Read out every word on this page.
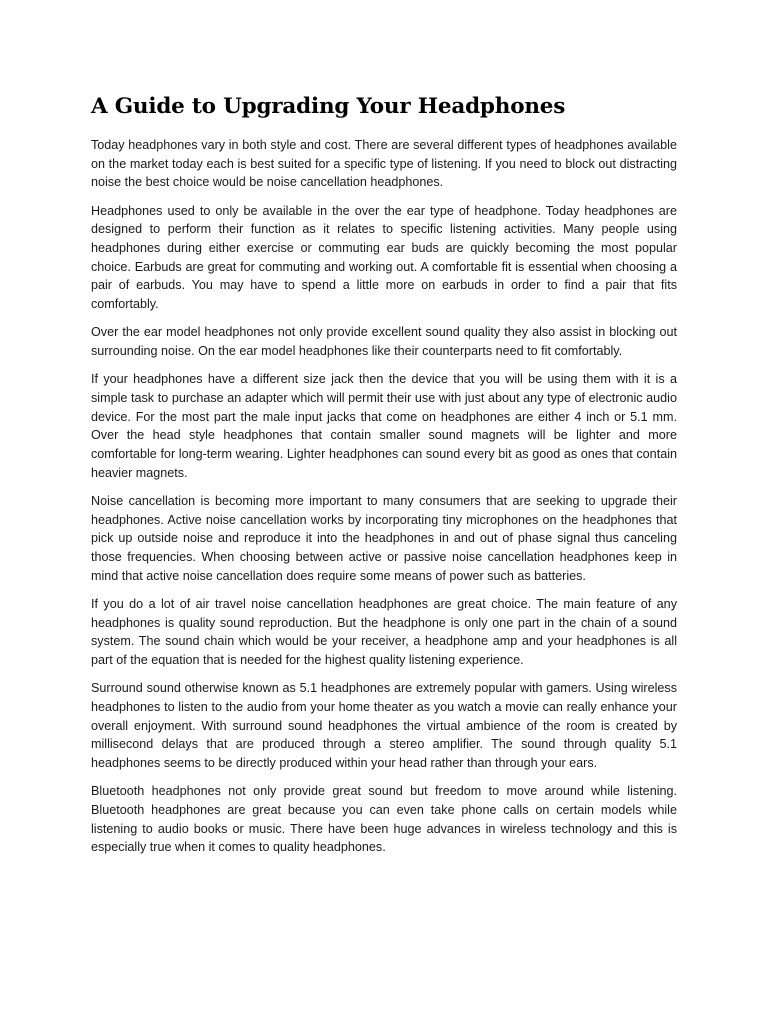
A Guide to Upgrading Your Headphones

Today headphones vary in both style and cost. There are several different types of headphones available on the market today each is best suited for a specific type of listening. If you need to block out distracting noise the best choice would be noise cancellation headphones.

Headphones used to only be available in the over the ear type of headphone. Today headphones are designed to perform their function as it relates to specific listening activities. Many people using headphones during either exercise or commuting ear buds are quickly becoming the most popular choice. Earbuds are great for commuting and working out. A comfortable fit is essential when choosing a pair of earbuds. You may have to spend a little more on earbuds in order to find a pair that fits comfortably.

Over the ear model headphones not only provide excellent sound quality they also assist in blocking out surrounding noise. On the ear model headphones like their counterparts need to fit comfortably.

If your headphones have a different size jack then the device that you will be using them with it is a simple task to purchase an adapter which will permit their use with just about any type of electronic audio device. For the most part the male input jacks that come on headphones are either 4 inch or 5.1 mm. Over the head style headphones that contain smaller sound magnets will be lighter and more comfortable for long-term wearing. Lighter headphones can sound every bit as good as ones that contain heavier magnets.

Noise cancellation is becoming more important to many consumers that are seeking to upgrade their headphones. Active noise cancellation works by incorporating tiny microphones on the headphones that pick up outside noise and reproduce it into the headphones in and out of phase signal thus canceling those frequencies. When choosing between active or passive noise cancellation headphones keep in mind that active noise cancellation does require some means of power such as batteries.

If you do a lot of air travel noise cancellation headphones are great choice. The main feature of any headphones is quality sound reproduction. But the headphone is only one part in the chain of a sound system. The sound chain which would be your receiver, a headphone amp and your headphones is all part of the equation that is needed for the highest quality listening experience.

Surround sound otherwise known as 5.1 headphones are extremely popular with gamers. Using wireless headphones to listen to the audio from your home theater as you watch a movie can really enhance your overall enjoyment. With surround sound headphones the virtual ambience of the room is created by millisecond delays that are produced through a stereo amplifier. The sound through quality 5.1 headphones seems to be directly produced within your head rather than through your ears.

Bluetooth headphones not only provide great sound but freedom to move around while listening. Bluetooth headphones are great because you can even take phone calls on certain models while listening to audio books or music. There have been huge advances in wireless technology and this is especially true when it comes to quality headphones.
